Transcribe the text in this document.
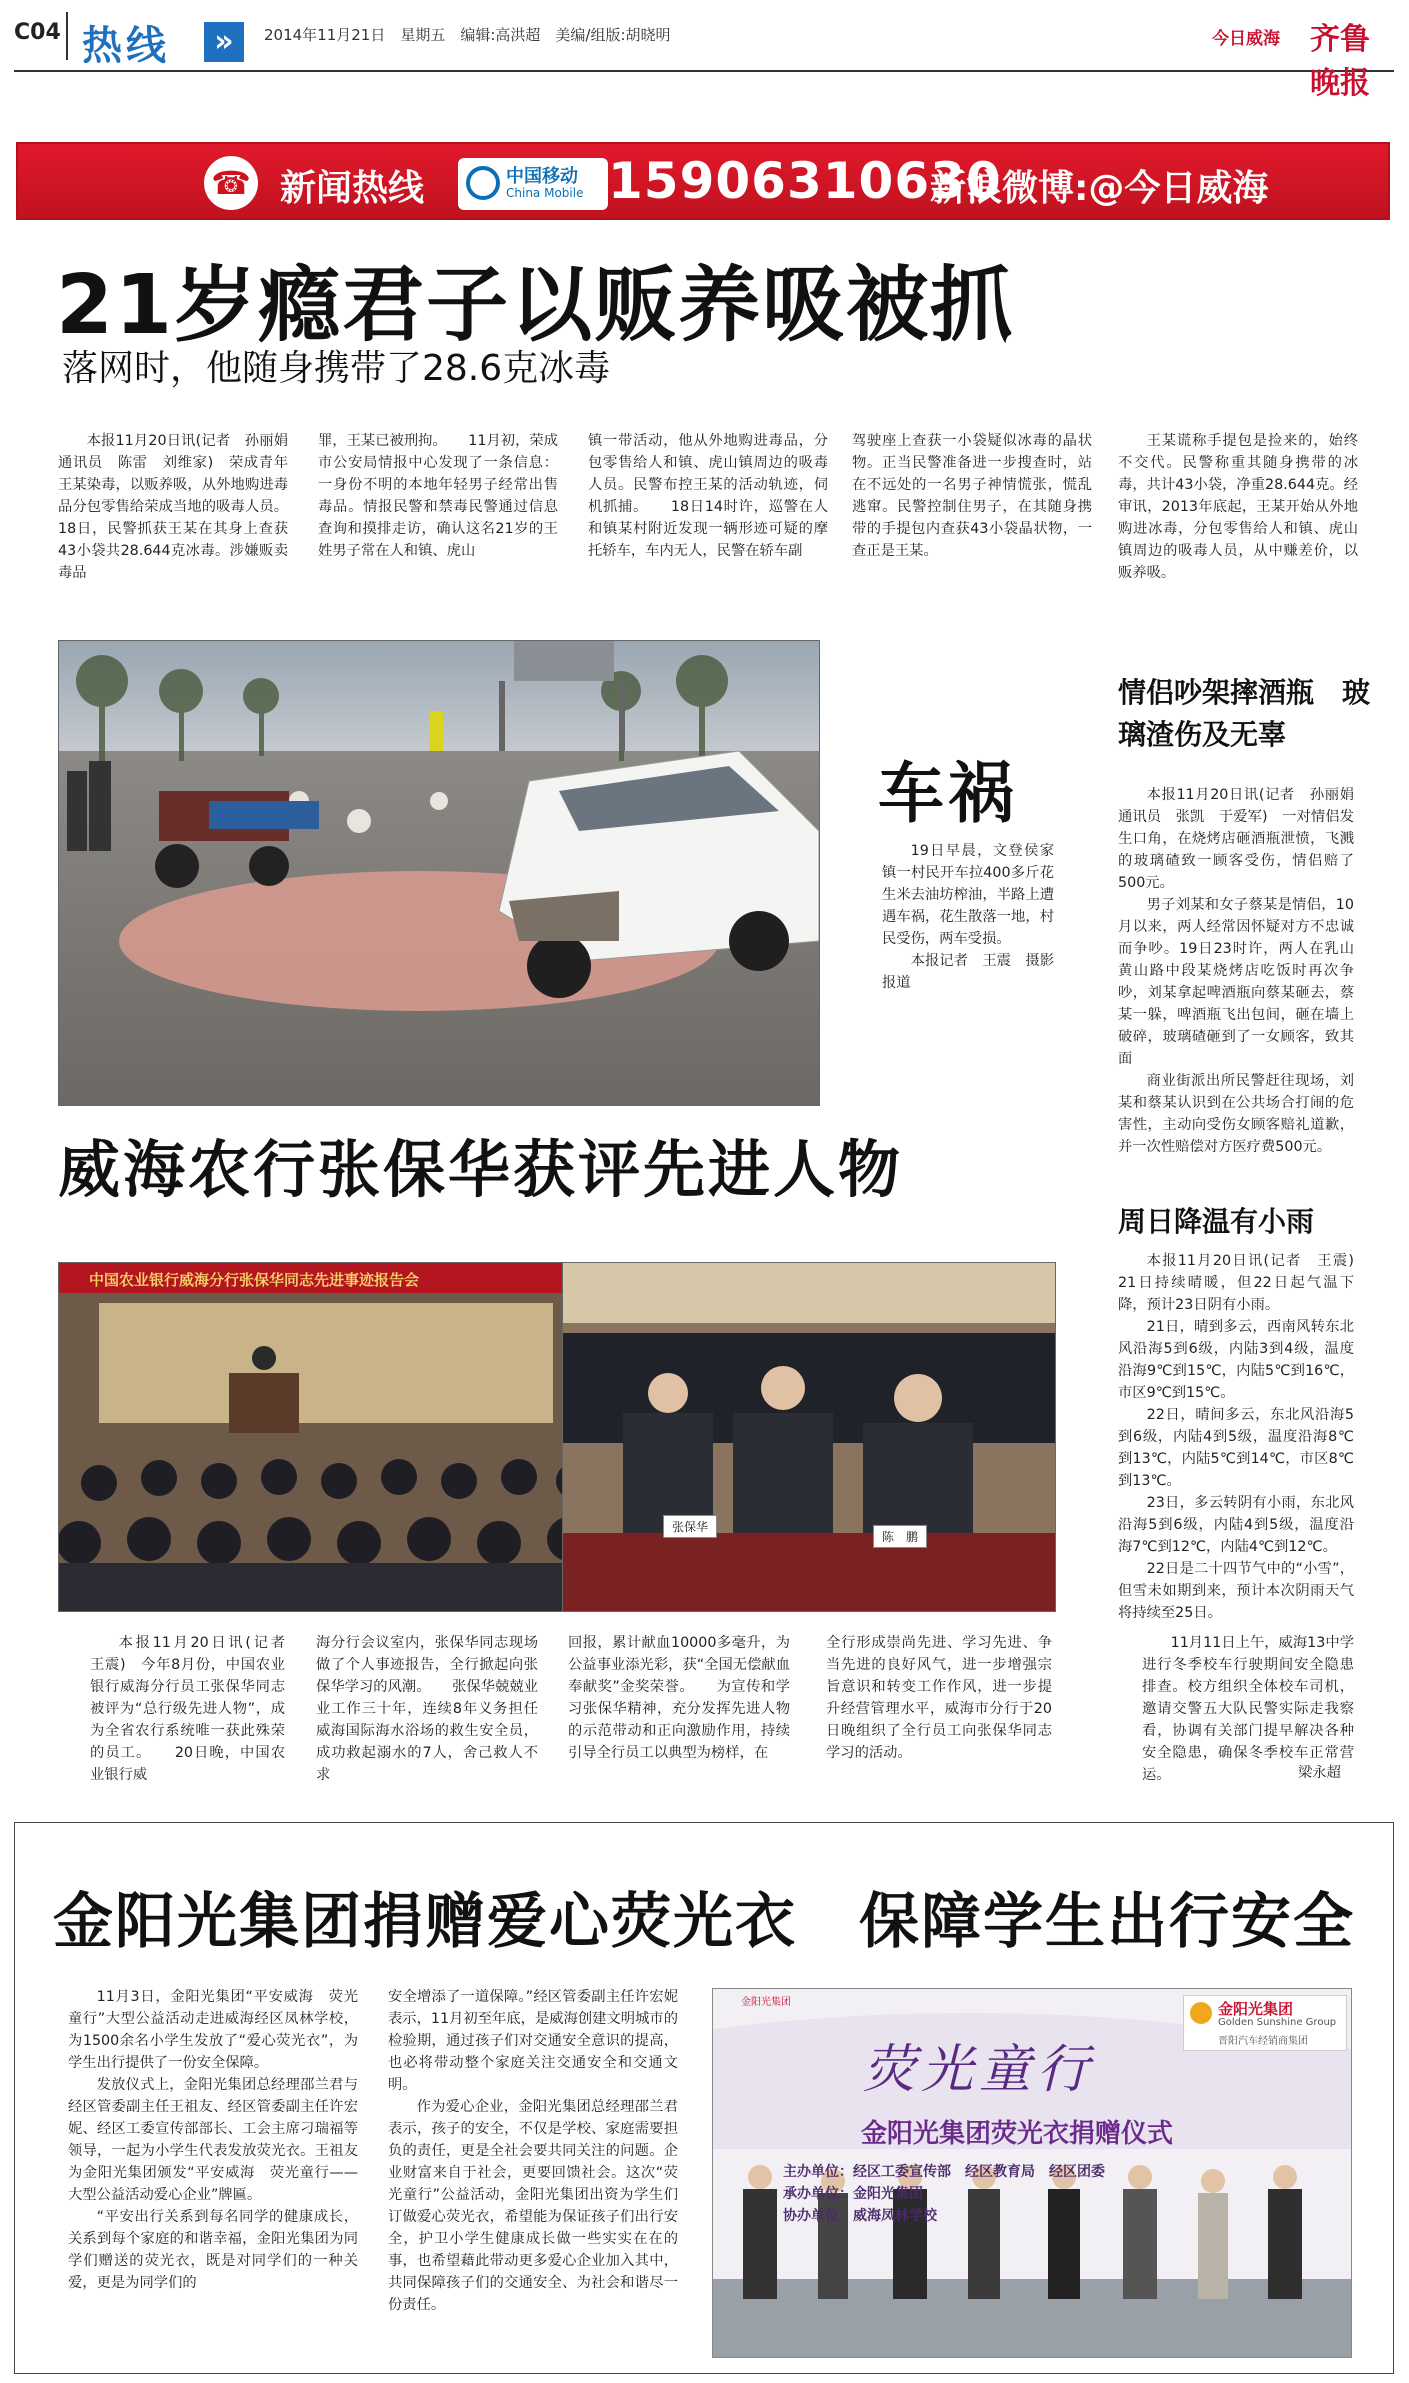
C04 热线	»	2014年11月21日　星期五　编辑:高洪超　美编/组版:胡晓明	今日威海 齐鲁晚报
☎ 新闻热线	中国移动
China Mobile 15906310630
新浪微博:@今日威海
21岁瘾君子以贩养吸被抓
落网时，他随身携带了28.6克冰毒

本报11月20日讯(记者　孙丽娟　通讯员　陈雷　刘维家)　荣成青年王某染毒，以贩养吸，从外地购进毒品分包零售给荣成当地的吸毒人员。18日，民警抓获王某在其身上查获43小袋共28.644克冰毒。涉嫌贩卖毒品

罪，王某已被刑拘。　　11月初，荣成市公安局情报中心发现了一条信息：一身份不明的本地年轻男子经常出售毒品。情报民警和禁毒民警通过信息查询和摸排走访，确认这名21岁的王姓男子常在人和镇、虎山

镇一带活动，他从外地购进毒品，分包零售给人和镇、虎山镇周边的吸毒人员。民警布控王某的活动轨迹，伺机抓捕。　　18日14时许，巡警在人和镇某村附近发现一辆形迹可疑的摩托轿车，车内无人，民警在轿车副

驾驶座上查获一小袋疑似冰毒的晶状物。正当民警准备进一步搜查时，站在不远处的一名男子神情慌张，慌乱逃窜。民警控制住男子，在其随身携带的手提包内查获43小袋晶状物，一查正是王某。

王某谎称手提包是捡来的，始终不交代。民警称重其随身携带的冰毒，共计43小袋，净重28.644克。经审讯，2013年底起，王某开始从外地购进冰毒，分包零售给人和镇、虎山镇周边的吸毒人员，从中赚差价，以贩养吸。

车祸

19日早晨，文登侯家镇一村民开车拉400多斤花生米去油坊榨油，半路上遭遇车祸，花生散落一地，村民受伤，两车受损。

本报记者　王震　摄影报道

情侣吵架摔酒瓶　玻璃渣伤及无辜

本报11月20日讯(记者　孙丽娟　通讯员　张凯　于爱军)　一对情侣发生口角，在烧烤店砸酒瓶泄愤，飞溅的玻璃碴致一顾客受伤，情侣赔了500元。

男子刘某和女子蔡某是情侣，10月以来，两人经常因怀疑对方不忠诚而争吵。19日23时许，两人在乳山黄山路中段某烧烤店吃饭时再次争吵，刘某拿起啤酒瓶向蔡某砸去，蔡某一躲，啤酒瓶飞出包间，砸在墙上破碎，玻璃碴砸到了一女顾客，致其面

商业街派出所民警赶往现场，刘某和蔡某认识到在公共场合打闹的危害性，主动向受伤女顾客赔礼道歉，并一次性赔偿对方医疗费500元。

威海农行张保华获评先进人物
中国农业银行威海分行张保华同志先进事迹报告会
张保华
陈　鹏

本报11月20日讯(记者　王震)　今年8月份，中国农业银行威海分行员工张保华同志被评为“总行级先进人物”，成为全省农行系统唯一获此殊荣的员工。　　20日晚，中国农业银行威

海分行会议室内，张保华同志现场做了个人事迹报告，全行掀起向张保华学习的风潮。　　张保华兢兢业业工作三十年，连续8年义务担任威海国际海水浴场的救生安全员，成功救起溺水的7人，舍己救人不求

回报，累计献血10000多毫升，为公益事业添光彩，获“全国无偿献血奉献奖”金奖荣誉。　　为宣传和学习张保华精神，充分发挥先进人物的示范带动和正向激励作用，持续引导全行员工以典型为榜样，在

全行形成崇尚先进、学习先进、争当先进的良好风气，进一步增强宗旨意识和转变工作作风，进一步提升经营管理水平，威海市分行于20日晚组织了全行员工向张保华同志学习的活动。

周日降温有小雨

本报11月20日讯(记者　王震)　21日持续晴暖，但22日起气温下降，预计23日阴有小雨。

21日，晴到多云，西南风转东北风沿海5到6级，内陆3到4级，温度沿海9℃到15℃，内陆5℃到16℃，市区9℃到15℃。

22日，晴间多云，东北风沿海5到6级，内陆4到5级，温度沿海8℃到13℃，内陆5℃到14℃，市区8℃到13℃。

23日，多云转阴有小雨，东北风沿海5到6级，内陆4到5级，温度沿海7℃到12℃，内陆4℃到12℃。

22日是二十四节气中的“小雪”，但雪未如期到来，预计本次阴雨天气将持续至25日。

11月11日上午，威海13中学进行冬季校车行驶期间安全隐患排查。校方组织全体校车司机，邀请交警五大队民警实际走我察看，协调有关部门提早解决各种安全隐患，确保冬季校车正常营运。	梁永超
金阳光集团捐赠爱心荧光衣　保障学生出行安全

11月3日，金阳光集团“平安威海　荧光童行”大型公益活动走进威海经区凤林学校，为1500余名小学生发放了“爱心荧光衣”，为学生出行提供了一份安全保障。

发放仪式上，金阳光集团总经理邵兰君与经区管委副主任王祖友、经区管委副主任许宏妮、经区工委宣传部部长、工会主席刁瑞福等领导，一起为小学生代表发放荧光衣。王祖友为金阳光集团颁发“平安威海　荧光童行——大型公益活动爱心企业”牌匾。

“平安出行关系到每名同学的健康成长，关系到每个家庭的和谐幸福，金阳光集团为同学们赠送的荧光衣，既是对同学们的一种关爱，更是为同学们的

安全增添了一道保障。”经区管委副主任许宏妮表示，11月初至年底，是威海创建文明城市的检验期，通过孩子们对交通安全意识的提高，也必将带动整个家庭关注交通安全和交通文明。

作为爱心企业，金阳光集团总经理邵兰君表示，孩子的安全，不仅是学校、家庭需要担负的责任，更是全社会要共同关注的问题。企业财富来自于社会，更要回馈社会。这次“荧光童行”公益活动，金阳光集团出资为学生们订做爱心荧光衣，希望能为保证孩子们出行安全，护卫小学生健康成长做一些实实在在的事，也希望藉此带动更多爱心企业加入其中，共同保障孩子们的交通安全、为社会和谐尽一份责任。

金阳光集团
Golden Sunshine Group
晋阳汽车经销商集团
金阳光集团
荧光童行
金阳光集团荧光衣捐赠仪式
主办单位：经区工委宣传部　经区教育局　经区团委
承办单位：金阳光集团
协办单位：威海凤林学校
